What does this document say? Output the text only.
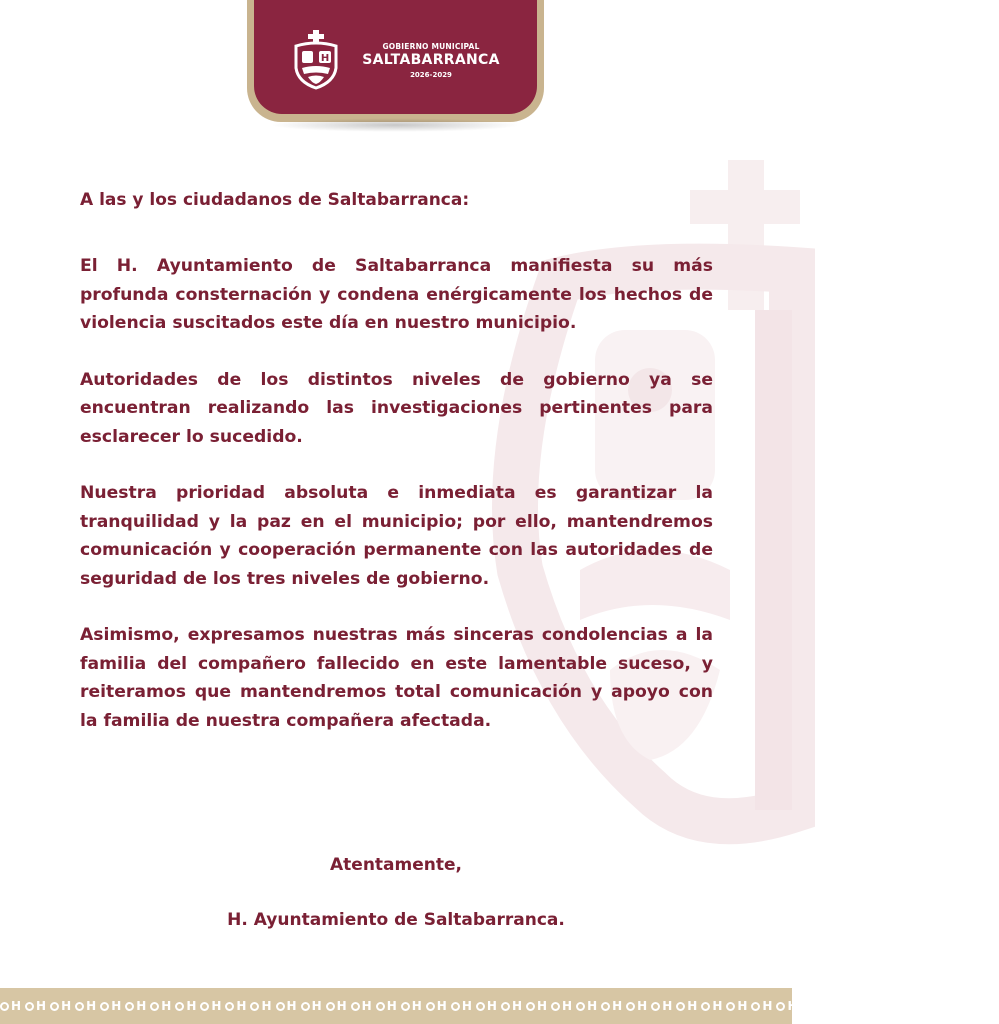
H
GOBIERNO MUNICIPAL
SALTABARRANCA
2026-2029

A las y los ciudadanos de Saltabarranca:

El H. Ayuntamiento de Saltabarranca manifiesta su más profunda consternación y condena enérgicamente los hechos de violencia suscitados este día en nuestro municipio.

Autoridades de los distintos niveles de gobierno ya se encuentran realizando las investigaciones pertinentes para esclarecer lo sucedido.

Nuestra prioridad absoluta e inmediata es garantizar la tranquilidad y la paz en el municipio; por ello, mantendremos comunicación y cooperación permanente con las autoridades de seguridad de los tres niveles de gobierno.

Asimismo, expresamos nuestras más sinceras condolencias a la familia del compañero fallecido en este lamentable suceso, y reiteramos que mantendremos total comunicación y apoyo con la familia de nuestra compañera afectada.

Atentamente,
H. Ayuntamiento de Saltabarranca.
H H H H H H H H H H H H H H H H H H H H H H H H H H H H H H H H H H H H H H H H
